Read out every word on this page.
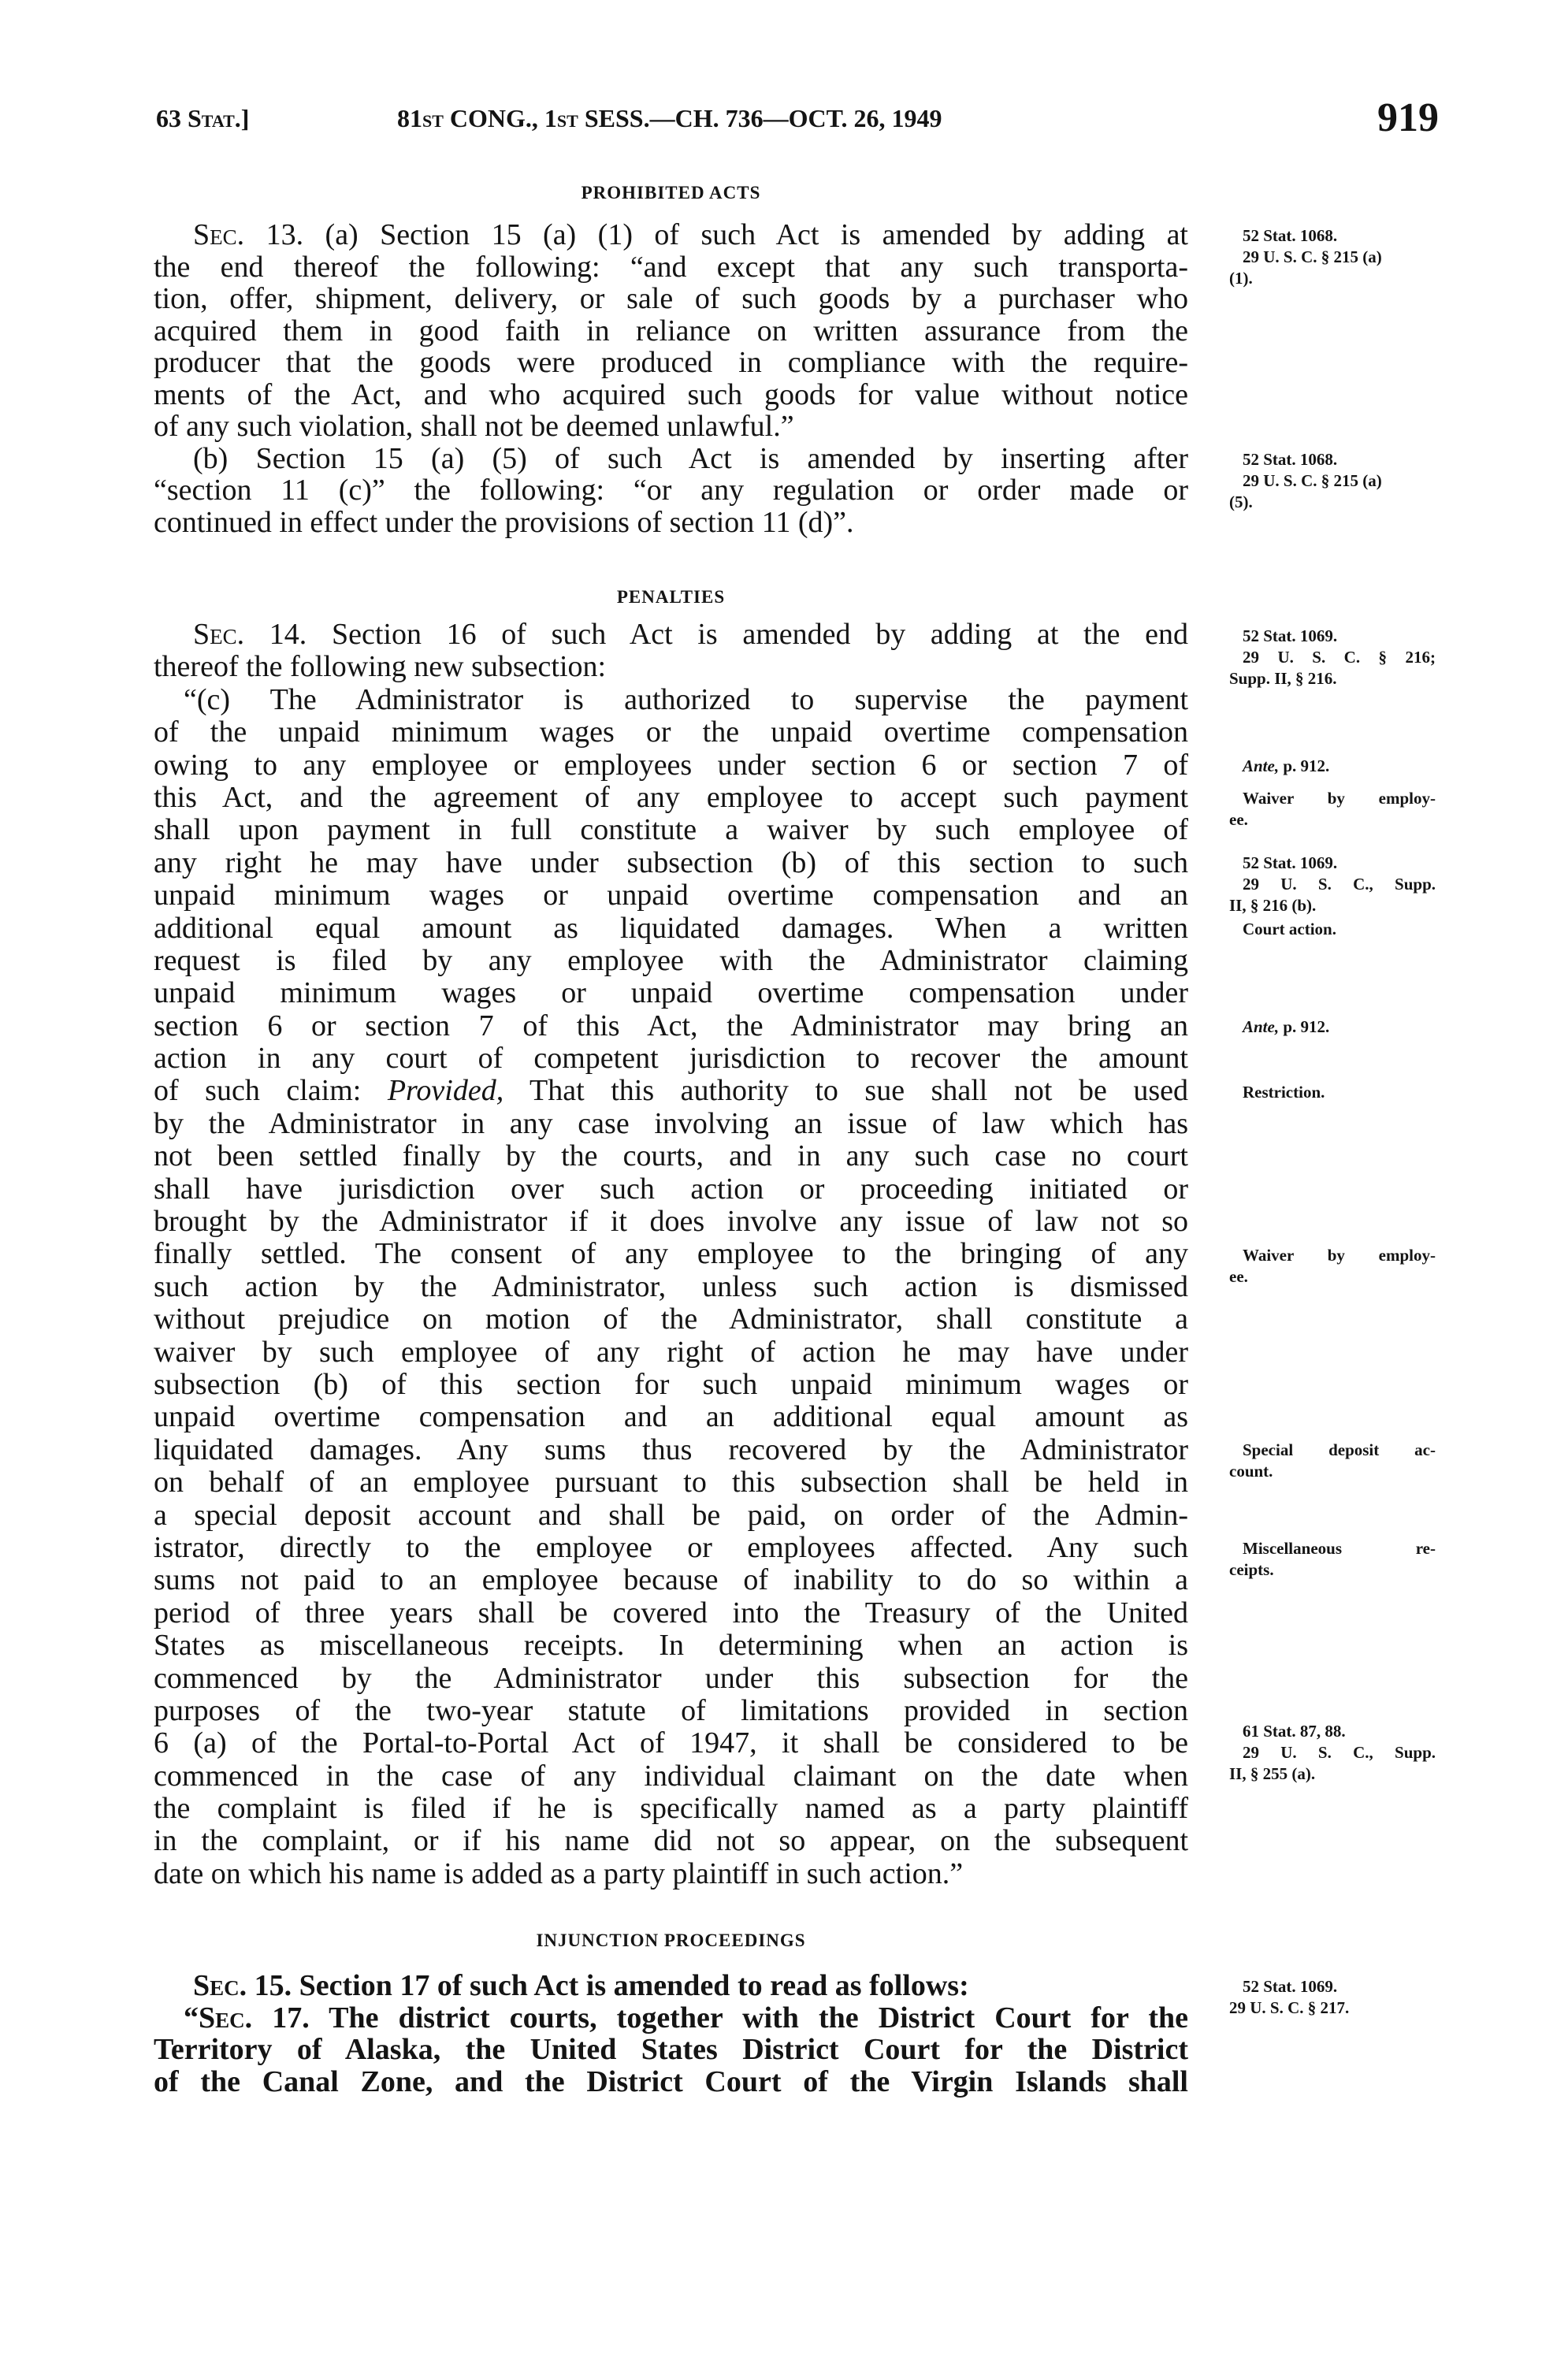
63 Stat.]	81st CONG., 1st SESS.—CH. 736—OCT. 26, 1949	919
PROHIBITED ACTS
PENALTIES
INJUNCTION PROCEEDINGS
Sec. 13. (a) Section 15 (a) (1) of such Act is amended by adding at
the end thereof the following: “and except that any such transporta-
tion, offer, shipment, delivery, or sale of such goods by a purchaser who
acquired them in good faith in reliance on written assurance from the
producer that the goods were produced in compliance with the require-
ments of the Act, and who acquired such goods for value without notice
of any such violation, shall not be deemed unlawful.”
(b) Section 15 (a) (5) of such Act is amended by inserting after
“section 11 (c)” the following: “or any regulation or order made or
continued in effect under the provisions of section 11 (d)”.
Sec. 14. Section 16 of such Act is amended by adding at the end
thereof the following new subsection:
“(c) The Administrator is authorized to supervise the payment
of the unpaid minimum wages or the unpaid overtime compensation
owing to any employee or employees under section 6 or section 7 of
this Act, and the agreement of any employee to accept such payment
shall upon payment in full constitute a waiver by such employee of
any right he may have under subsection (b) of this section to such
unpaid minimum wages or unpaid overtime compensation and an
additional equal amount as liquidated damages. When a written
request is filed by any employee with the Administrator claiming
unpaid minimum wages or unpaid overtime compensation under
section 6 or section 7 of this Act, the Administrator may bring an
action in any court of competent jurisdiction to recover the amount
of such claim: Provided, That this authority to sue shall not be used
by the Administrator in any case involving an issue of law which has
not been settled finally by the courts, and in any such case no court
shall have jurisdiction over such action or proceeding initiated or
brought by the Administrator if it does involve any issue of law not so
finally settled. The consent of any employee to the bringing of any
such action by the Administrator, unless such action is dismissed
without prejudice on motion of the Administrator, shall constitute a
waiver by such employee of any right of action he may have under
subsection (b) of this section for such unpaid minimum wages or
unpaid overtime compensation and an additional equal amount as
liquidated damages. Any sums thus recovered by the Administrator
on behalf of an employee pursuant to this subsection shall be held in
a special deposit account and shall be paid, on order of the Admin-
istrator, directly to the employee or employees affected. Any such
sums not paid to an employee because of inability to do so within a
period of three years shall be covered into the Treasury of the United
States as miscellaneous receipts. In determining when an action is
commenced by the Administrator under this subsection for the
purposes of the two-year statute of limitations provided in section
6 (a) of the Portal-to-Portal Act of 1947, it shall be considered to be
commenced in the case of any individual claimant on the date when
the complaint is filed if he is specifically named as a party plaintiff
in the complaint, or if his name did not so appear, on the subsequent
date on which his name is added as a party plaintiff in such action.”
Sec. 15. Section 17 of such Act is amended to read as follows:
“Sec. 17. The district courts, together with the District Court for the
Territory of Alaska, the United States District Court for the District
of the Canal Zone, and the District Court of the Virgin Islands shall
52 Stat. 1068.
29 U. S. C. § 215 (a)
(1).
52 Stat. 1068.
29 U. S. C. § 215 (a)
(5).
52 Stat. 1069.
29 U. S. C. § 216;
Supp. II, § 216.
Ante, p. 912.
Waiver by employ-
ee.
52 Stat. 1069.
29 U. S. C., Supp.
II, § 216 (b).
Court action.
Ante, p. 912.
Restriction.
Waiver by employ-
ee.
Special deposit ac-
count.
Miscellaneous re-
ceipts.
61 Stat. 87, 88.
29 U. S. C., Supp.
II, § 255 (a).
52 Stat. 1069.
29 U. S. C. § 217.
